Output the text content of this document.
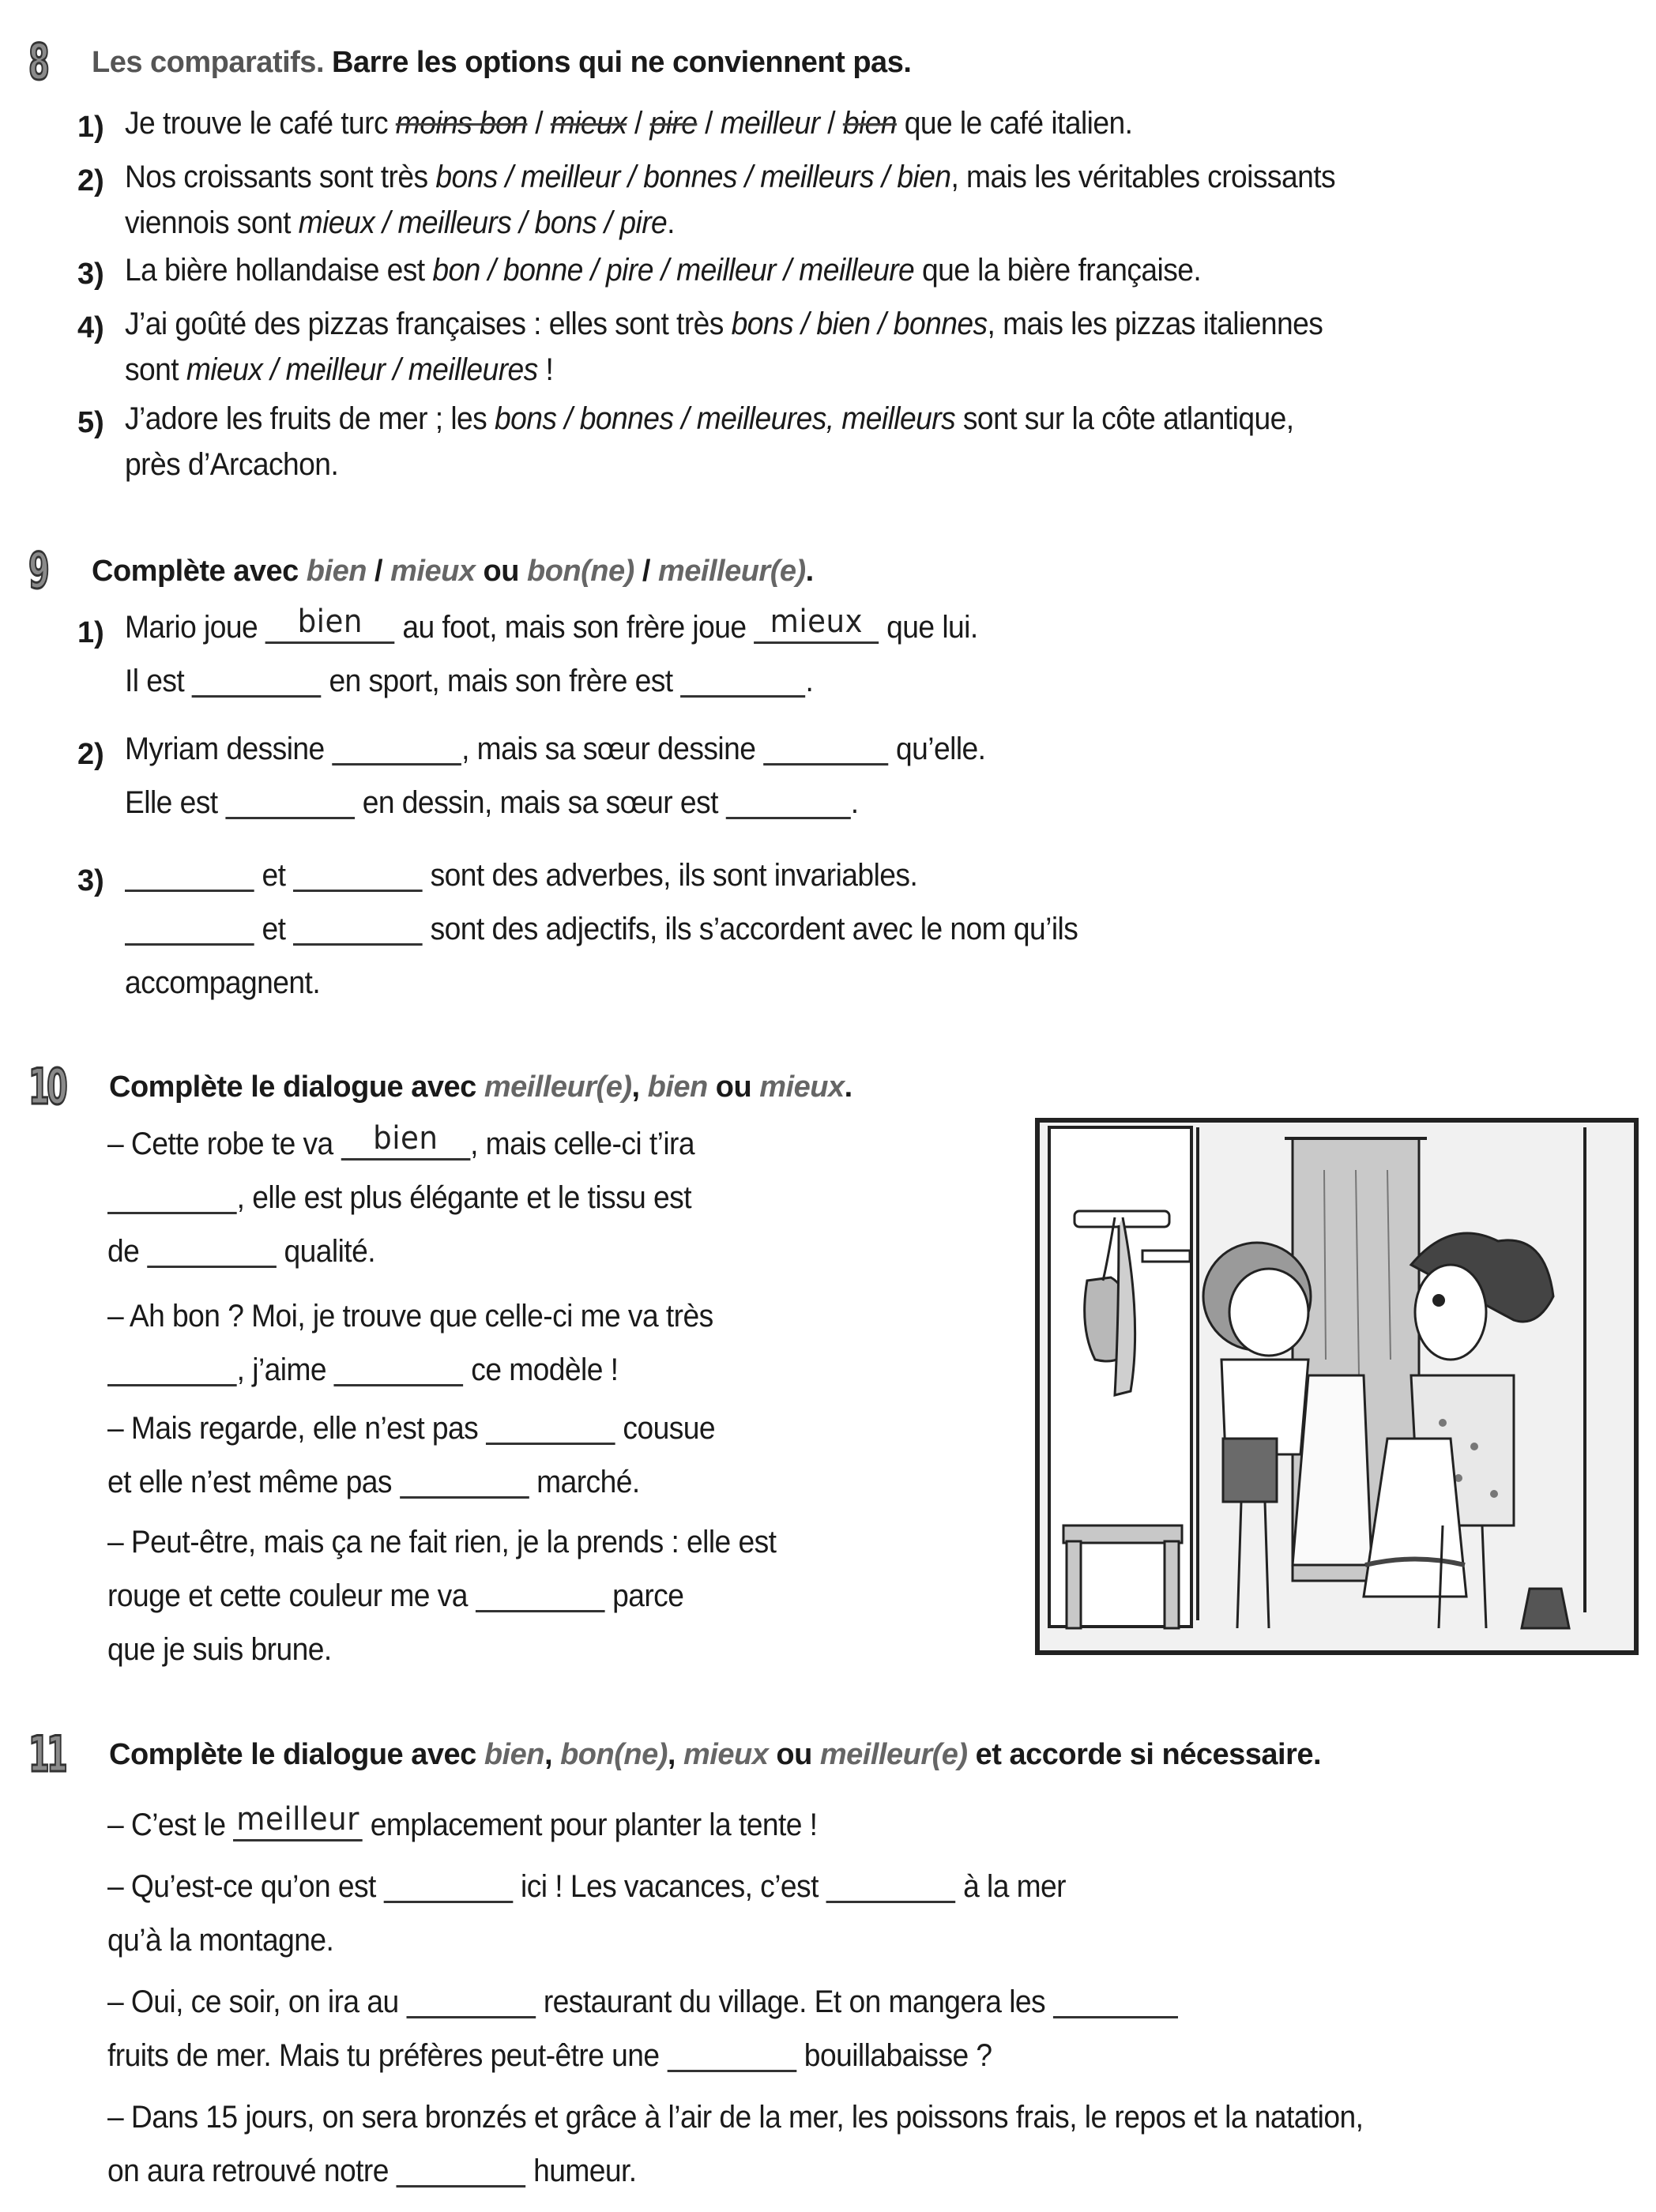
8 Les comparatifs. Barre les options qui ne conviennent pas.
1) Je trouve le café turc moins bon / mieux / pire / meilleur / bien que le café italien.
2) Nos croissants sont très bons / meilleur / bonnes / meilleurs / bien, mais les véritables croissants
viennois sont mieux / meilleurs / bons / pire.
3) La bière hollandaise est bon / bonne / pire / meilleur / meilleure que la bière française.
4) J’ai goûté des pizzas françaises : elles sont très bons / bien / bonnes, mais les pizzas italiennes
sont mieux / meilleur / meilleures !
5) J’adore les fruits de mer ; les bons / bonnes / meilleures, meilleurs sont sur la côte atlantique,
près d’Arcachon.
9 Complète avec bien / mieux ou bon(ne) / meilleur(e).
1) Mario joue	bien	au foot, mais son frère joue mieux que lui.
Il est	en sport, mais son frère est	.
2) Myriam dessine	, mais sa sœur dessine	qu’elle.
Elle est	en dessin, mais sa sœur est	.
3)	et	sont des adverbes, ils sont invariables.
et	sont des adjectifs, ils s’accordent avec le nom qu’ils
accompagnent.
10 Complète le dialogue avec meilleur(e), bien ou mieux.
– Cette robe te va	bien	, mais celle-ci t’ira
, elle est plus élégante et le tissu est
de	qualité.
– Ah bon ? Moi, je trouve que celle-ci me va très
, j’aime	ce modèle !
– Mais regarde, elle n’est pas	cousue
et elle n’est même pas	marché.
– Peut-être, mais ça ne fait rien, je la prends : elle est
rouge et cette couleur me va	parce
que je suis brune.
11 Complète le dialogue avec bien, bon(ne), mieux ou meilleur(e) et accorde si nécessaire.
– C’est le meilleur emplacement pour planter la tente !
– Qu’est-ce qu’on est	ici ! Les vacances, c’est	à la mer
qu’à la montagne.
– Oui, ce soir, on ira au	restaurant du village. Et on mangera les
fruits de mer. Mais tu préfères peut-être une	bouillabaisse ?
– Dans 15 jours, on sera bronzés et grâce à l’air de la mer, les poissons frais, le repos et la natation,
on aura retrouvé notre	humeur.
